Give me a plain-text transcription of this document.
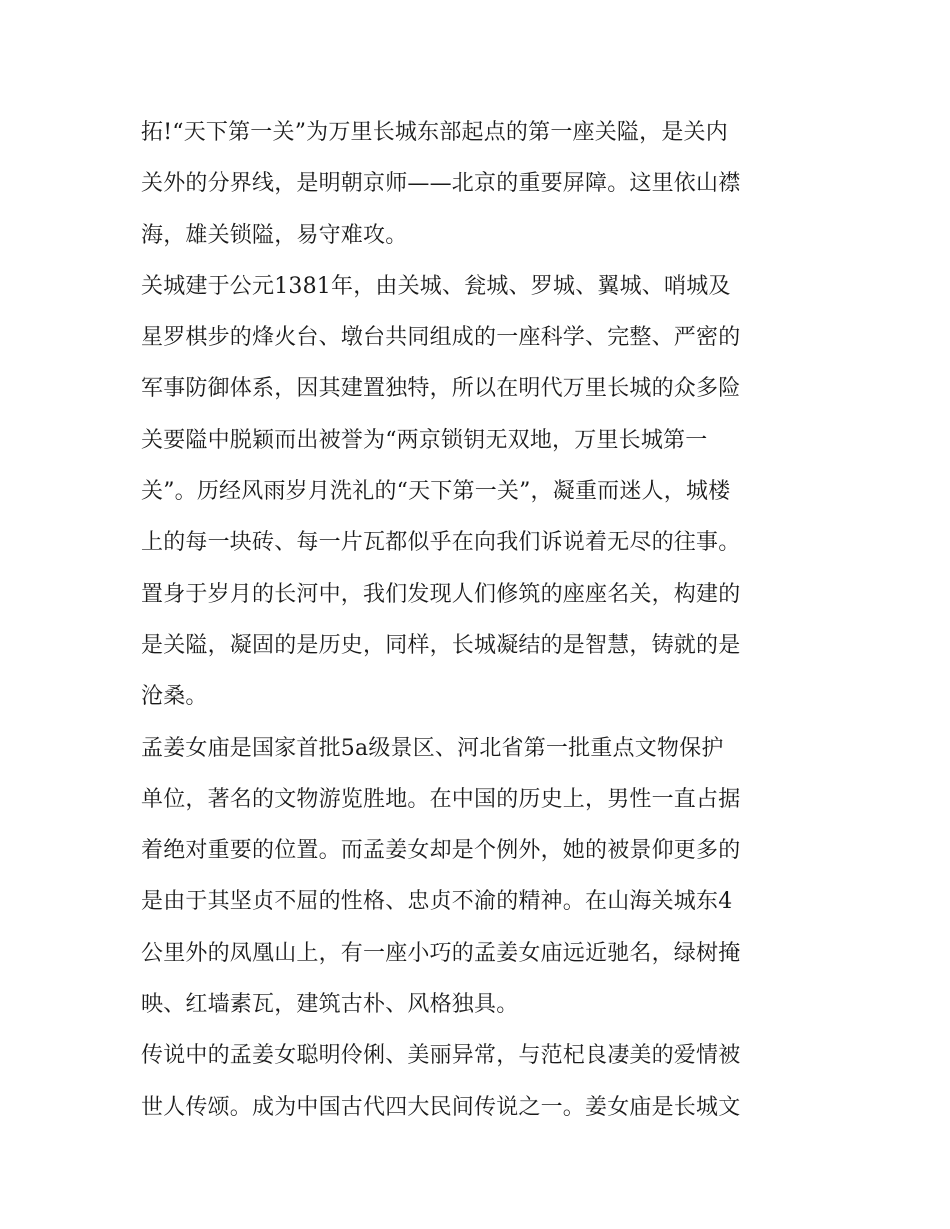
拓!“天下第一关”为万里长城东部起点的第一座关隘，是关内
关外的分界线，是明朝京师——北京的重要屏障。这里依山襟
海，雄关锁隘，易守难攻。
关城建于公元1381年，由关城、瓮城、罗城、翼城、哨城及
星罗棋步的烽火台、墩台共同组成的一座科学、完整、严密的
军事防御体系，因其建置独特，所以在明代万里长城的众多险
关要隘中脱颖而出被誉为“两京锁钥无双地，万里长城第一
关”。历经风雨岁月洗礼的“天下第一关”，凝重而迷人，城楼
上的每一块砖、每一片瓦都似乎在向我们诉说着无尽的往事。
置身于岁月的长河中，我们发现人们修筑的座座名关，构建的
是关隘，凝固的是历史，同样，长城凝结的是智慧，铸就的是
沧桑。
孟姜女庙是国家首批5a级景区、河北省第一批重点文物保护
单位，著名的文物游览胜地。在中国的历史上，男性一直占据
着绝对重要的位置。而孟姜女却是个例外，她的被景仰更多的
是由于其坚贞不屈的性格、忠贞不渝的精神。在山海关城东4
公里外的凤凰山上，有一座小巧的孟姜女庙远近驰名，绿树掩
映、红墙素瓦，建筑古朴、风格独具。
传说中的孟姜女聪明伶俐、美丽异常，与范杞良凄美的爱情被
世人传颂。成为中国古代四大民间传说之一。姜女庙是长城文
